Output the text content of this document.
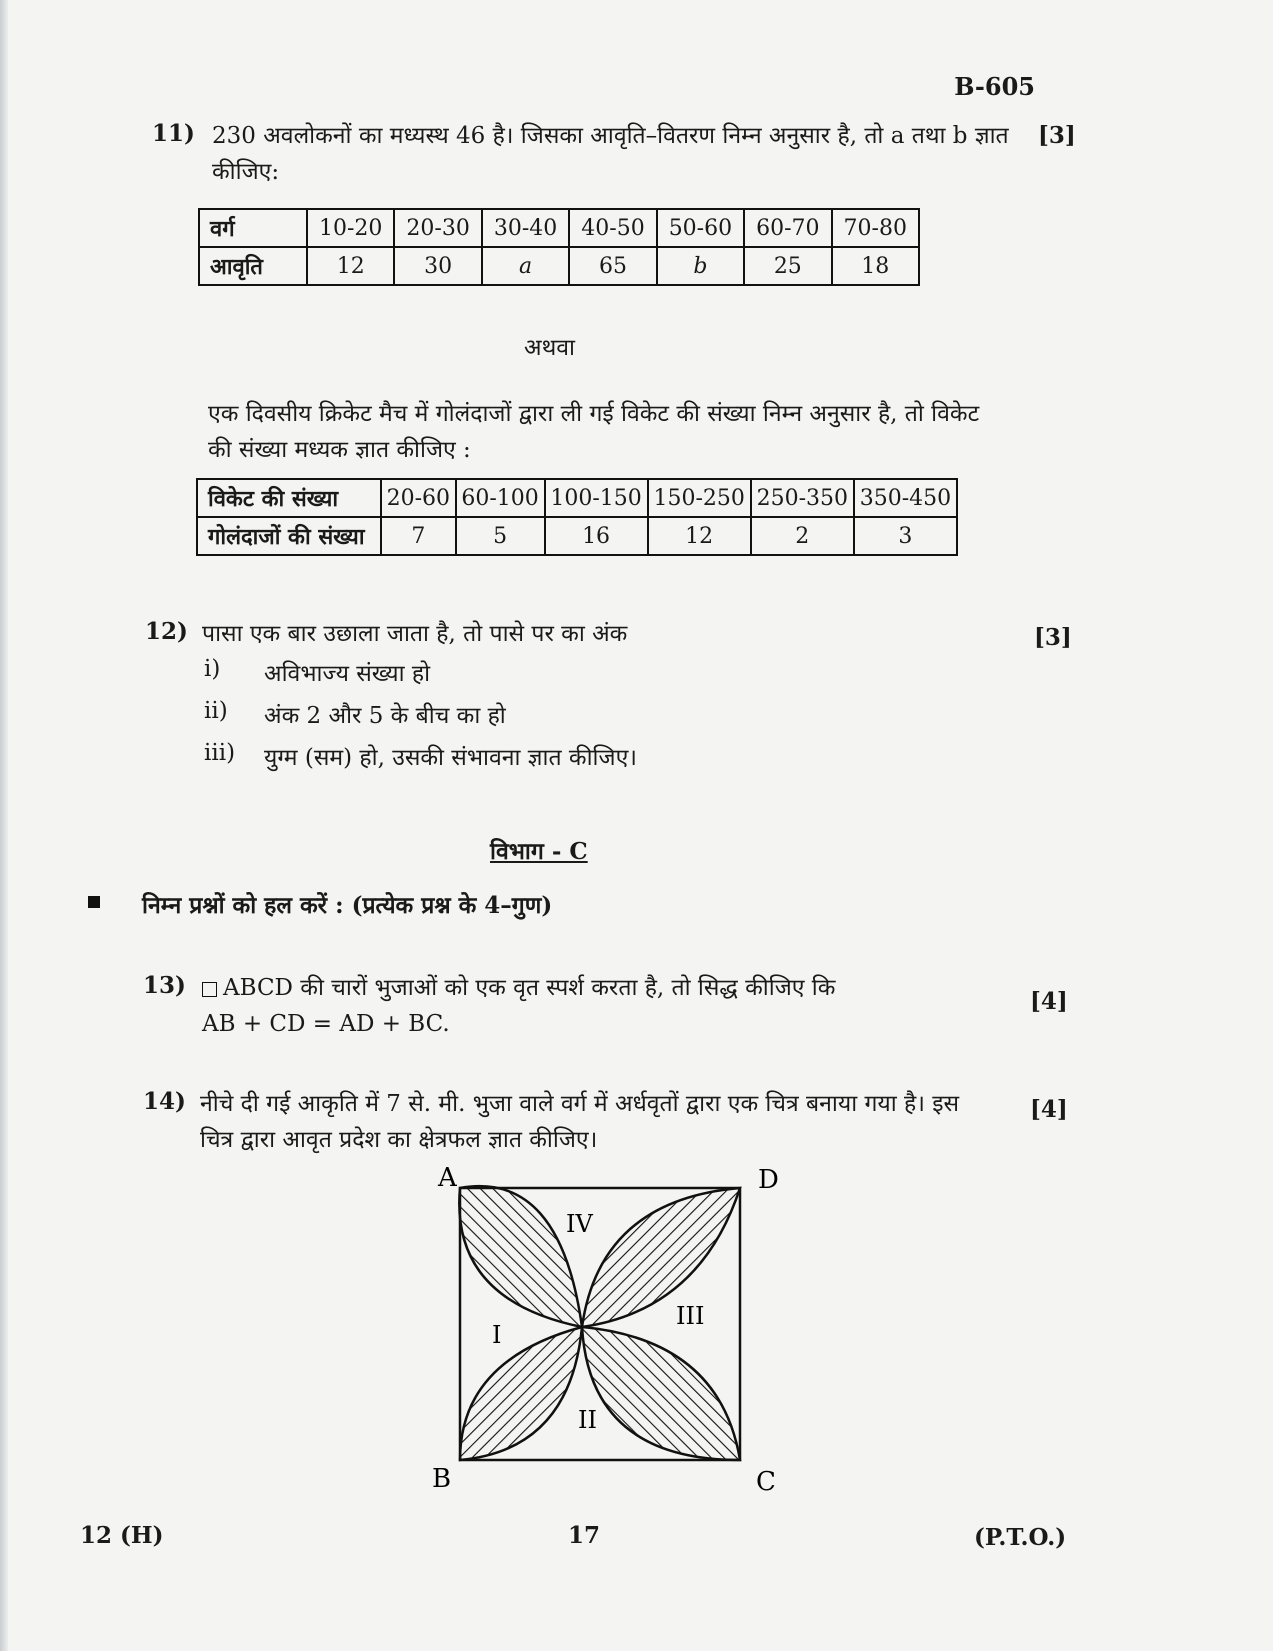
B-605
11) 230 अवलोकनों का मध्यस्थ 46 है। जिसका आवृति–वितरण निम्न अनुसार है, तो a तथा b ज्ञात
कीजिए:
[3]
वर्ग	10-20	20-30	30-40	40-50	50-60	60-70	70-80
आवृति	12	30	a	65	b	25	18
अथवा
एक दिवसीय क्रिकेट मैच में गोलंदाजों द्वारा ली गई विकेट की संख्या निम्न अनुसार है, तो विकेट
की संख्या मध्यक ज्ञात कीजिए :
विकेट की संख्या	20-60	60-100	100-150	150-250	250-350	350-450
गोलंदाजों की संख्या	7	5	16	12	2	3
12) पासा एक बार उछाला जाता है, तो पासे पर का अंक	[3]
i) अविभाज्य संख्या हो
ii) अंक 2 और 5 के बीच का हो
iii) युग्म (सम) हो, उसकी संभावना ज्ञात कीजिए।
विभाग - C
निम्न प्रश्नों को हल करें : (प्रत्येक प्रश्न के 4–गुण)
13)	ABCD की चारों भुजाओं को एक वृत स्पर्श करता है, तो सिद्ध कीजिए कि
AB + CD = AD + BC.
[4]
14) नीचे दी गई आकृति में 7 से. मी. भुजा वाले वर्ग में अर्धवृतों द्वारा एक चित्र बनाया गया है। इस
चित्र द्वारा आवृत प्रदेश का क्षेत्रफल ज्ञात कीजिए।
[4]
A	D
B	C
IV
I
III
II
12 (H)	17	(P.T.O.)
